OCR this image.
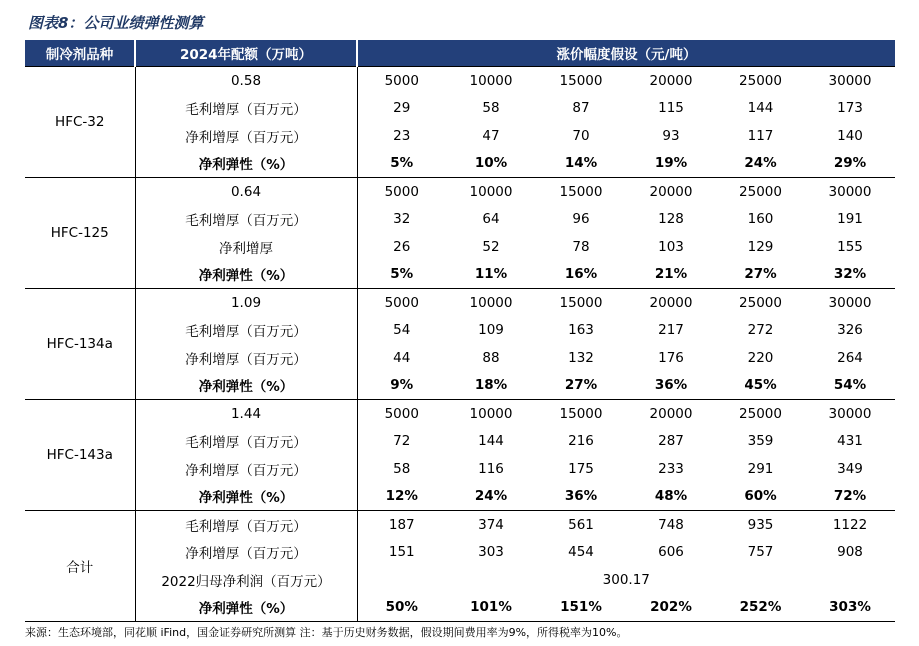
图表8：公司业绩弹性测算
制冷剂品种	2024年配额（万吨）	涨价幅度假设（元/吨）					
HFC-32	0.58	5000	10000	15000	20000	25000	30000
	毛利增厚（百万元）	29	58	87	115	144	173
	净利增厚（百万元）	23	47	70	93	117	140
	净利弹性（%）	5%	10%	14%	19%	24%	29%
HFC-125	0.64	5000	10000	15000	20000	25000	30000
	毛利增厚（百万元）	32	64	96	128	160	191
	净利增厚	26	52	78	103	129	155
	净利弹性（%）	5%	11%	16%	21%	27%	32%
HFC-134a	1.09	5000	10000	15000	20000	25000	30000
	毛利增厚（百万元）	54	109	163	217	272	326
	净利增厚（百万元）	44	88	132	176	220	264
	净利弹性（%）	9%	18%	27%	36%	45%	54%
HFC-143a	1.44	5000	10000	15000	20000	25000	30000
	毛利增厚（百万元）	72	144	216	287	359	431
	净利增厚（百万元）	58	116	175	233	291	349
	净利弹性（%）	12%	24%	36%	48%	60%	72%
合计	毛利增厚（百万元）	187	374	561	748	935	1122
	净利增厚（百万元）	151	303	454	606	757	908
	2022归母净利润（百万元）	300.17					
	净利弹性（%）	50%	101%	151%	202%	252%	303%
来源：生态环境部，同花顺 iFind，国金证券研究所测算 注：基于历史财务数据，假设期间费用率为9%，所得税率为10%。
